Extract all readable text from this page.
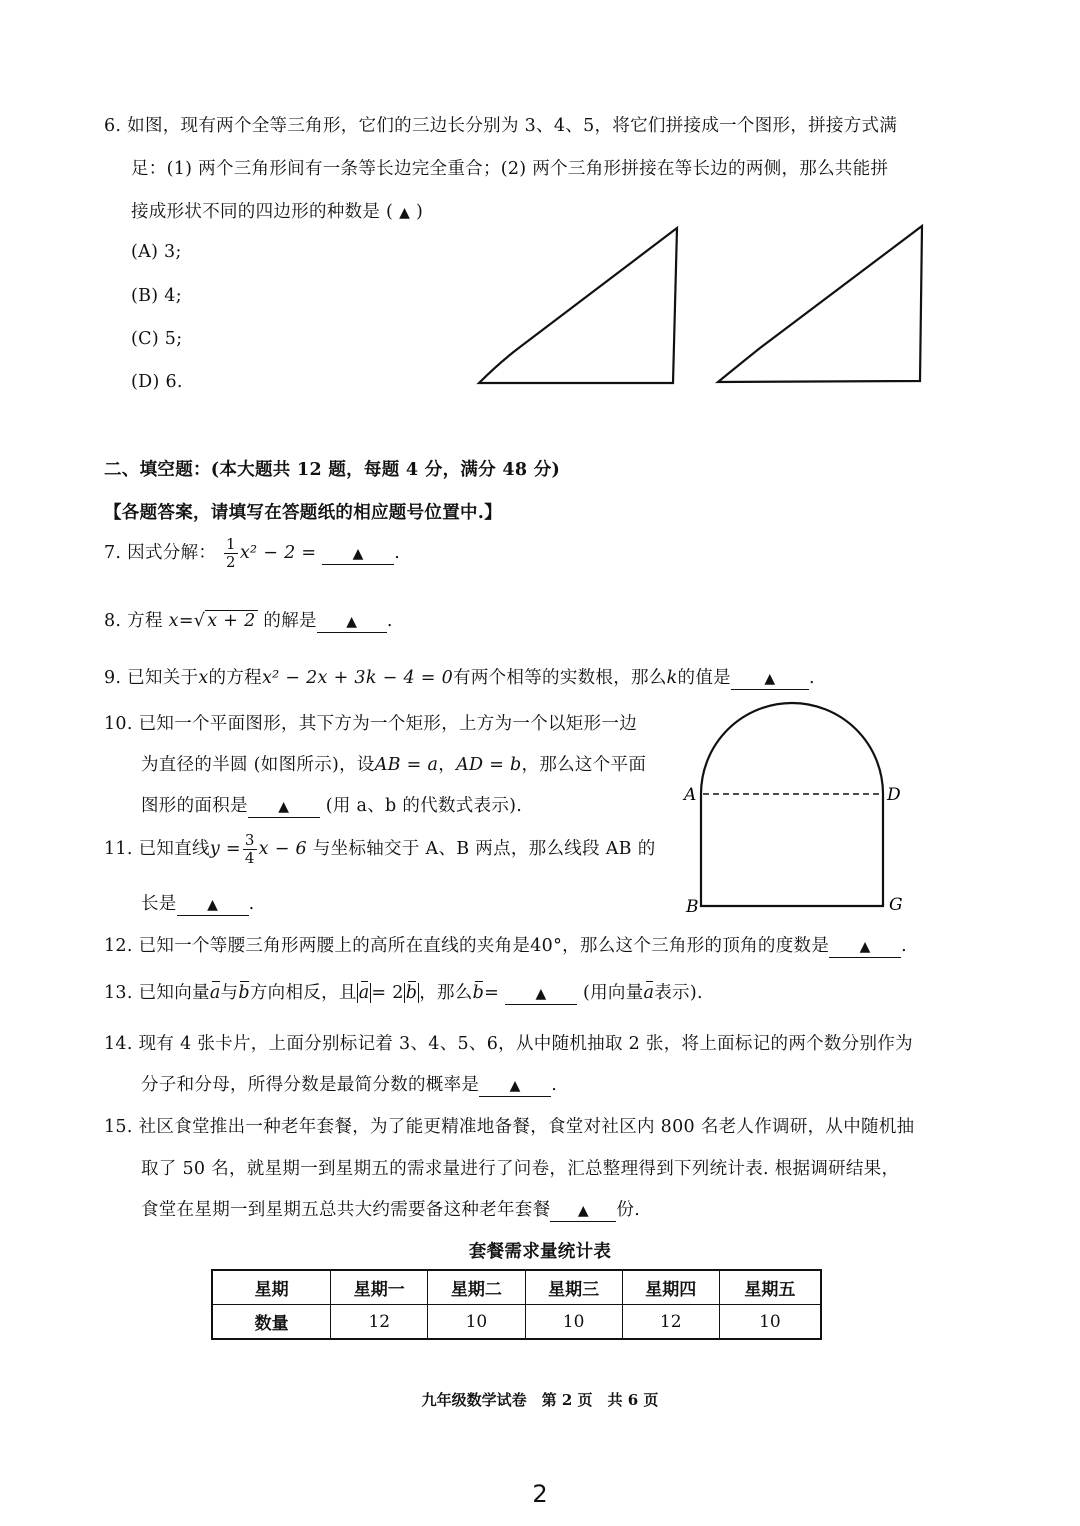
6. 如图，现有两个全等三角形，它们的三边长分别为 3、4、5，将它们拼接成一个图形，拼接方式满
足：(1) 两个三角形间有一条等长边完全重合；(2) 两个三角形拼接在等长边的两侧，那么共能拼
接成形状不同的四边形的种数是 ( ▲ )
(A) 3;
(B) 4;
(C) 5;
(D) 6.
二、填空题：(本大题共 12 题，每题 4 分，满分 48 分)
【各题答案，请填写在答题纸的相应题号位置中.】
7. 因式分解： $\frac{1}{2} x^2 - 2$ =	▲ .
8. 方程 x=√ x + 2 的解是 ▲ .
9. 已知关于x的方程x² − 2x + 3k − 4 = 0有两个相等的实数根，那么k的值是 ▲ .
10. 已知一个平面图形，其下方为一个矩形，上方为一个以矩形一边
为直径的半圆 (如图所示)，设AB = a，AD = b，那么这个平面
图形的面积是 ▲ (用 a、b 的代数式表示).
A	D
B	G
11. 已知直线$y = \frac{3}{4}$ x − 6 与坐标轴交于 A、B 两点，那么线段 AB 的
长是 ▲ .
12. 已知一个等腰三角形两腰上的高所在直线的夹角是40°，那么这个三角形的顶角的度数是 ▲ .
13. 已知向量a与b方向相反，且 a = 2 b ，那么b=	▲ (用向量a表示).
14. 现有 4 张卡片，上面分别标记着 3、4、5、6，从中随机抽取 2 张，将上面标记的两个数分别作为
分子和分母，所得分数是最简分数的概率是 ▲ .
15. 社区食堂推出一种老年套餐，为了能更精准地备餐，食堂对社区内 800 名老人作调研，从中随机抽
取了 50 名，就星期一到星期五的需求量进行了问卷，汇总整理得到下列统计表. 根据调研结果，
食堂在星期一到星期五总共大约需要备这种老年套餐 ▲ 份.
套餐需求量统计表
星期	星期一	星期二	星期三	星期四	星期五
数量	12	10	10	12	10
九年级数学试卷　第 2 页　共 6 页
2
